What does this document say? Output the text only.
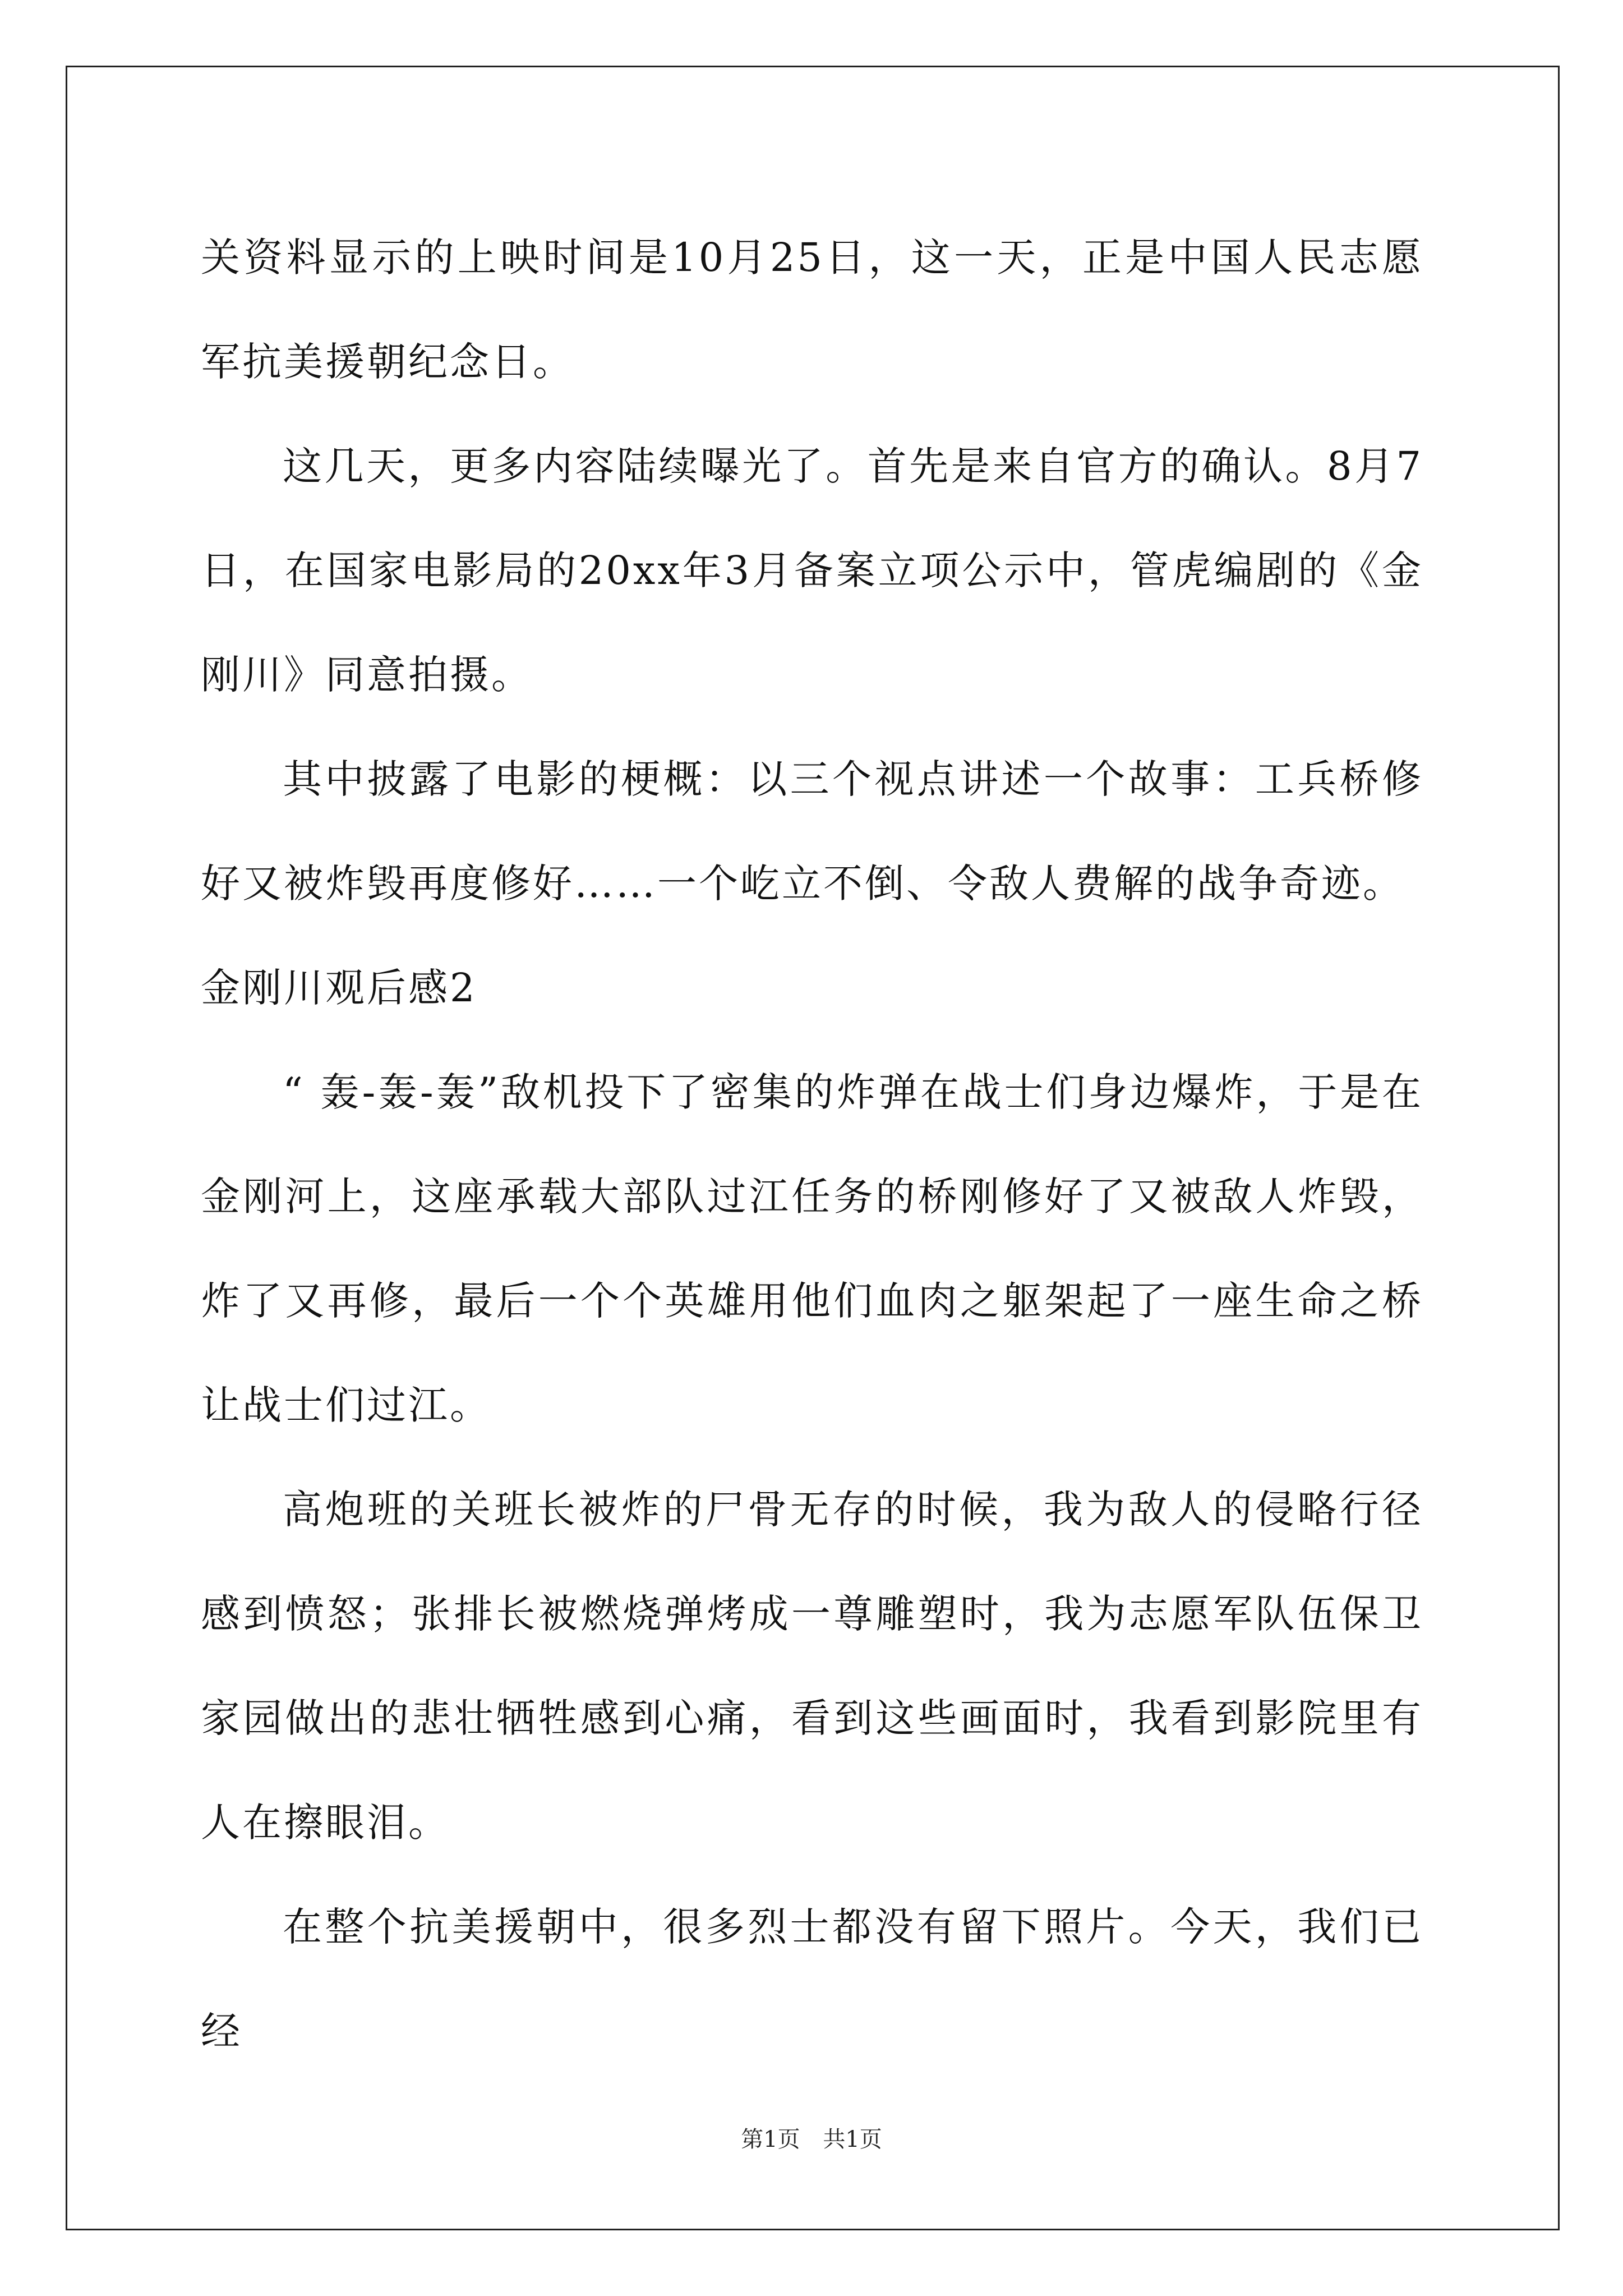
关资料显示的上映时间是10月25日，这一天，正是中国人民志愿军抗美援朝纪念日。

这几天，更多内容陆续曝光了。首先是来自官方的确认。8月7日，在国家电影局的20xx年3月备案立项公示中，管虎编剧的《金刚川》同意拍摄。

其中披露了电影的梗概：以三个视点讲述一个故事：工兵桥修好又被炸毁再度修好……一个屹立不倒、令敌人费解的战争奇迹。

金刚川观后感2

“ 轰-轰-轰”敌机投下了密集的炸弹在战士们身边爆炸，于是在金刚河上，这座承载大部队过江任务的桥刚修好了又被敌人炸毁，炸了又再修，最后一个个英雄用他们血肉之躯架起了一座生命之桥让战士们过江。

高炮班的关班长被炸的尸骨无存的时候，我为敌人的侵略行径感到愤怒；张排长被燃烧弹烤成一尊雕塑时，我为志愿军队伍保卫家园做出的悲壮牺牲感到心痛，看到这些画面时，我看到影院里有人在擦眼泪。

在整个抗美援朝中，很多烈士都没有留下照片。今天，我们已经

第1页 共1页
